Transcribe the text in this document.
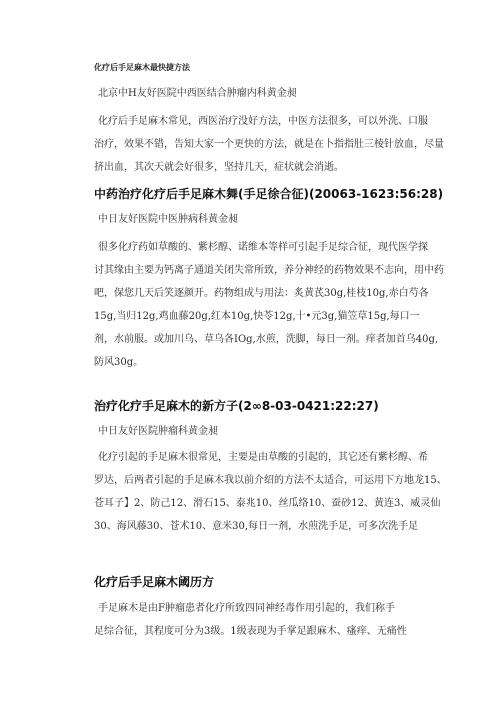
化疗后手足麻木最快捷方法

北京中H友好医院中西医结合肿瘤内科黄金昶

化疗后手足麻木常见，西医治疗没好方法，中医方法很多，可以外洗、口服
治疗，效果不错，告知大家一个更快的方法，就是在卜指指肚三棱针放血，尽量
挤出血，其次天就会好很多，坚持几天，症状就会消逝。
中药治疗化疗后手足麻木舞(手足徐合征)(20063-1623:56:28)

中日友好医院中医肿病科黄金昶

很多化疗药如草酸的、紫杉醇、诺维本等样可引起手足综合征，现代医学探
讨其缘由主要为钙离子通道关闭失常所致，养分神经的药物效果不志向，用中药
吧，保您几天后笑逐颜开。药物组成与用法：炙黄芪30g,桂枝10g,赤白芍各
15g,当归12g,鸡血藤20g,红本10g,快苓12g,十•元3g,猫笠草15g,每口一
剂，水前服。或加川乌、草乌各IOg,水煎，洗脚，每日一剂。痒者加首乌40g,
防风30g。
治疗化疗手足麻木的新方子(2∞8-03-0421:22:27)

中日友好医院肿瘤科黄金昶

化疗引起的手足麻木很常见，主要是由草酸的引起的，其它还有紫杉醇、希
罗达，后两者引起的手足麻木我以前介绍的方法不太适合，可运用下方地龙15、
苍耳子】2、防己12、滑石15、泰兆10、丝瓜络10、蚕砂12、黄连3、威灵仙
30、海风藤30、苍术10、意米30,每日一剂，水煎洗手足，可多次洗手足
化疗后手足麻木阈历方
手足麻木是由F肿瘤患者化疗所致四同神经毒作用引起的，我们称手
足综合征，其程度可分为3级。1级表现为手掌足跟麻木、瘙痒、无痛性
